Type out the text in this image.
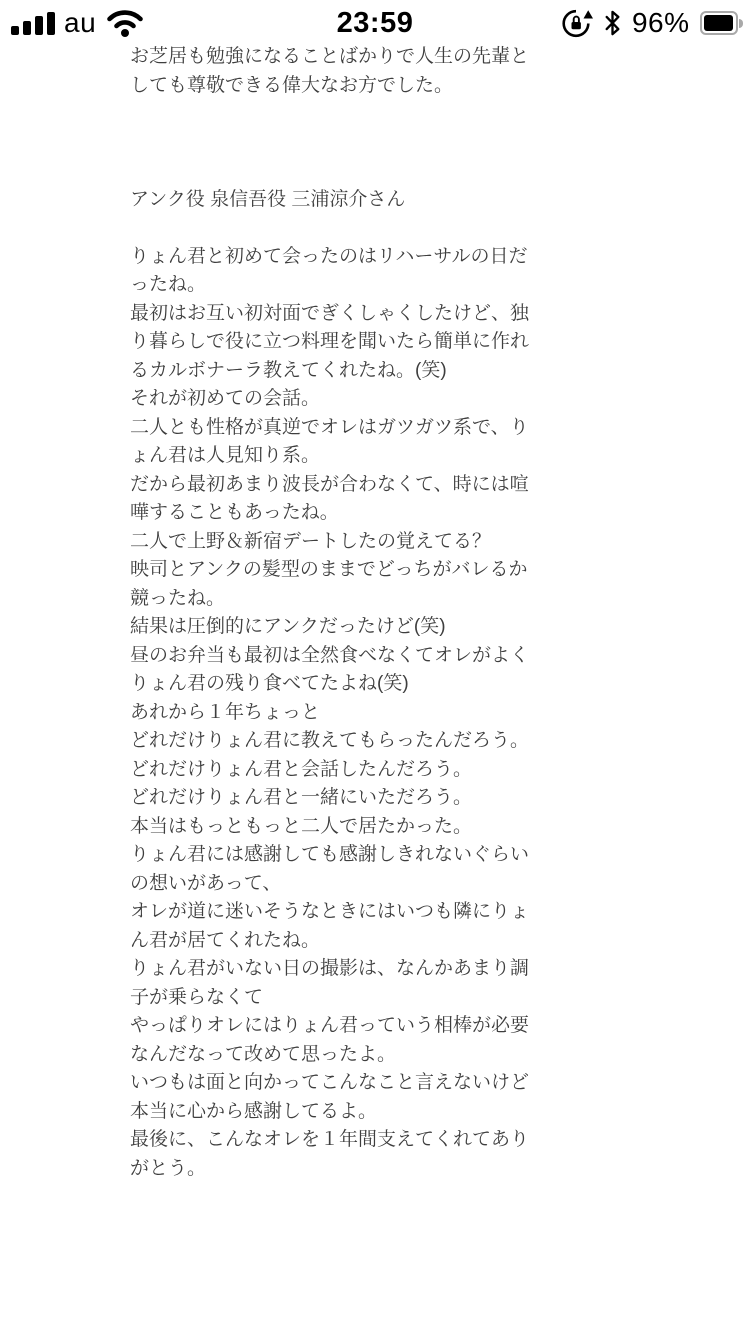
au	23:59	96%
お芝居も勉強になることばかりで人生の先輩と
しても尊敬できる偉大なお方でした。
アンク役 泉信吾役 三浦涼介さん
りょん君と初めて会ったのはリハーサルの日だ
ったね。
最初はお互い初対面でぎくしゃくしたけど、独
り暮らしで役に立つ料理を聞いたら簡単に作れ
るカルボナーラ教えてくれたね。(笑)
それが初めての会話。
二人とも性格が真逆でオレはガツガツ系で、り
ょん君は人見知り系。
だから最初あまり波長が合わなくて、時には喧
嘩することもあったね。
二人で上野＆新宿デートしたの覚えてる？
映司とアンクの髪型のままでどっちがバレるか
競ったね。
結果は圧倒的にアンクだったけど(笑)
昼のお弁当も最初は全然食べなくてオレがよく
りょん君の残り食べてたよね(笑)
あれから１年ちょっと
どれだけりょん君に教えてもらったんだろう。
どれだけりょん君と会話したんだろう。
どれだけりょん君と一緒にいただろう。
本当はもっともっと二人で居たかった。
りょん君には感謝しても感謝しきれないぐらい
の想いがあって、
オレが道に迷いそうなときにはいつも隣にりょ
ん君が居てくれたね。
りょん君がいない日の撮影は、なんかあまり調
子が乗らなくて
やっぱりオレにはりょん君っていう相棒が必要
なんだなって改めて思ったよ。
いつもは面と向かってこんなこと言えないけど
本当に心から感謝してるよ。
最後に、こんなオレを１年間支えてくれてあり
がとう。
